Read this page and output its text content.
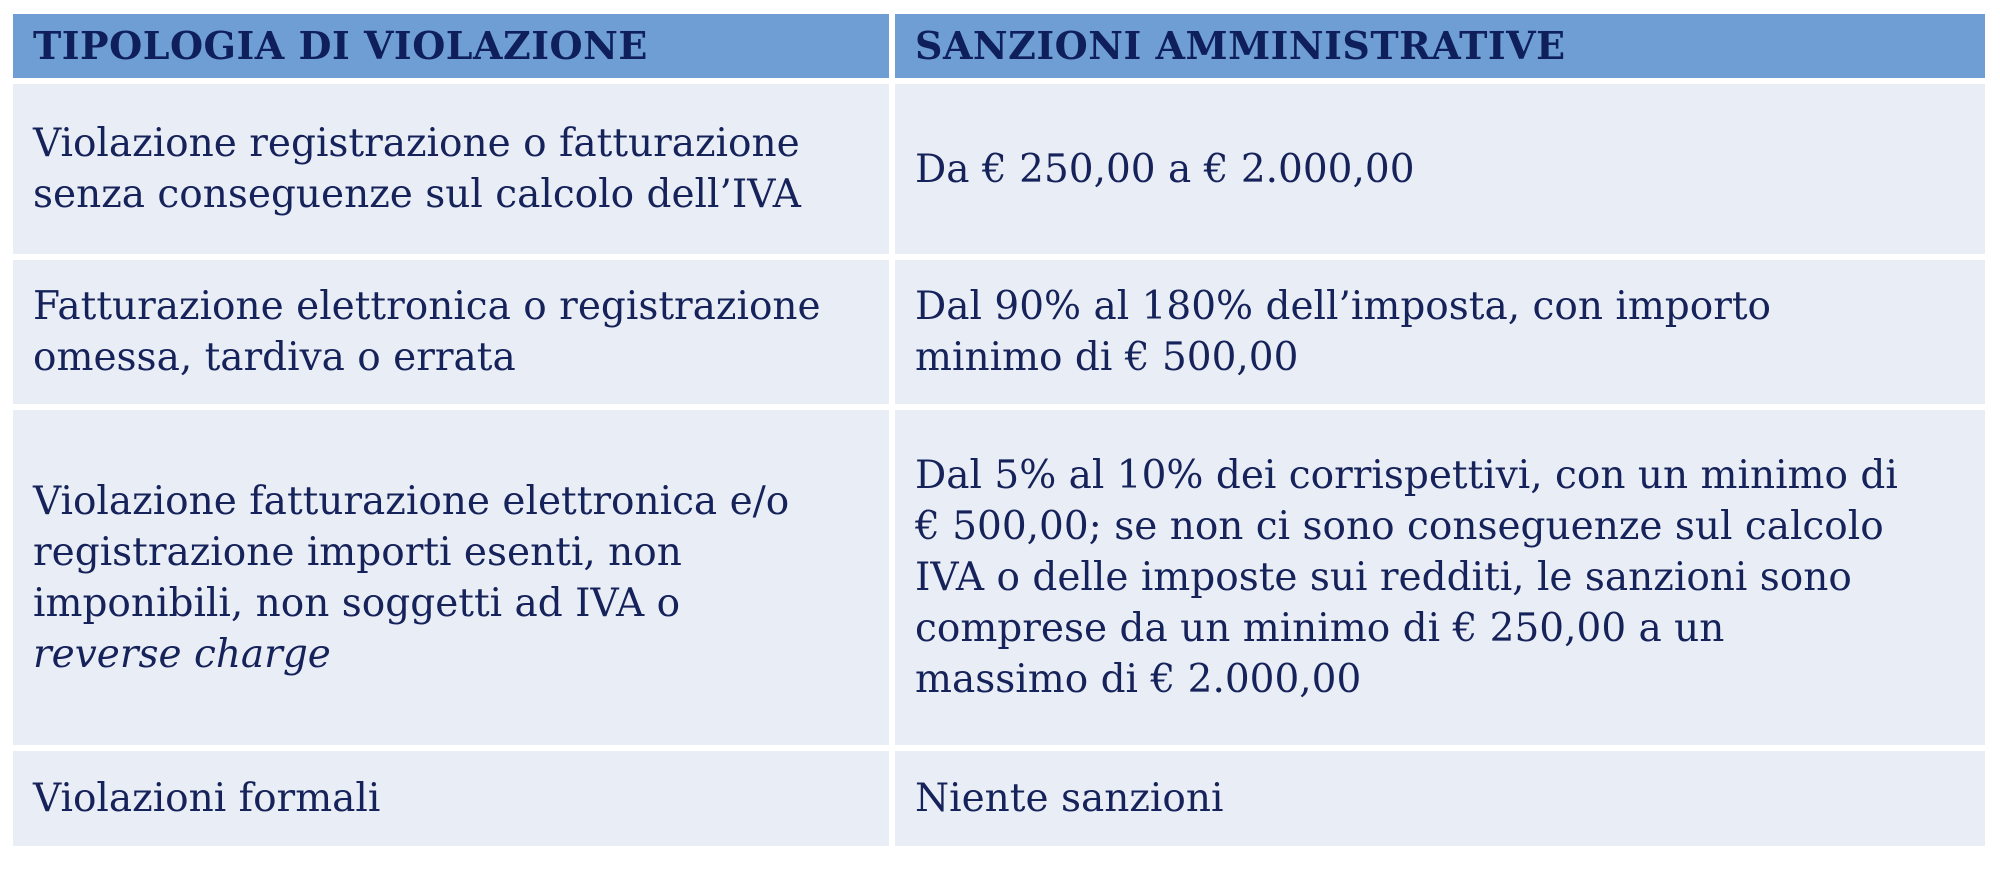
TIPOLOGIA DI VIOLAZIONE	SANZIONI AMMINISTRATIVE
Violazione registrazione o fatturazione
senza conseguenze sul calcolo dell’IVA
Da € 250,00 a € 2.000,00
Fatturazione elettronica o registrazione
omessa, tardiva o errata
Dal 90% al 180% dell’imposta, con importo
minimo di € 500,00
Violazione fatturazione elettronica e/o
registrazione importi esenti, non
imponibili, non soggetti ad IVA o
reverse charge
Dal 5% al 10% dei corrispettivi, con un minimo di
€ 500,00; se non ci sono conseguenze sul calcolo
IVA o delle imposte sui redditi, le sanzioni sono
comprese da un minimo di € 250,00 a un
massimo di € 2.000,00
Violazioni formali	Niente sanzioni
